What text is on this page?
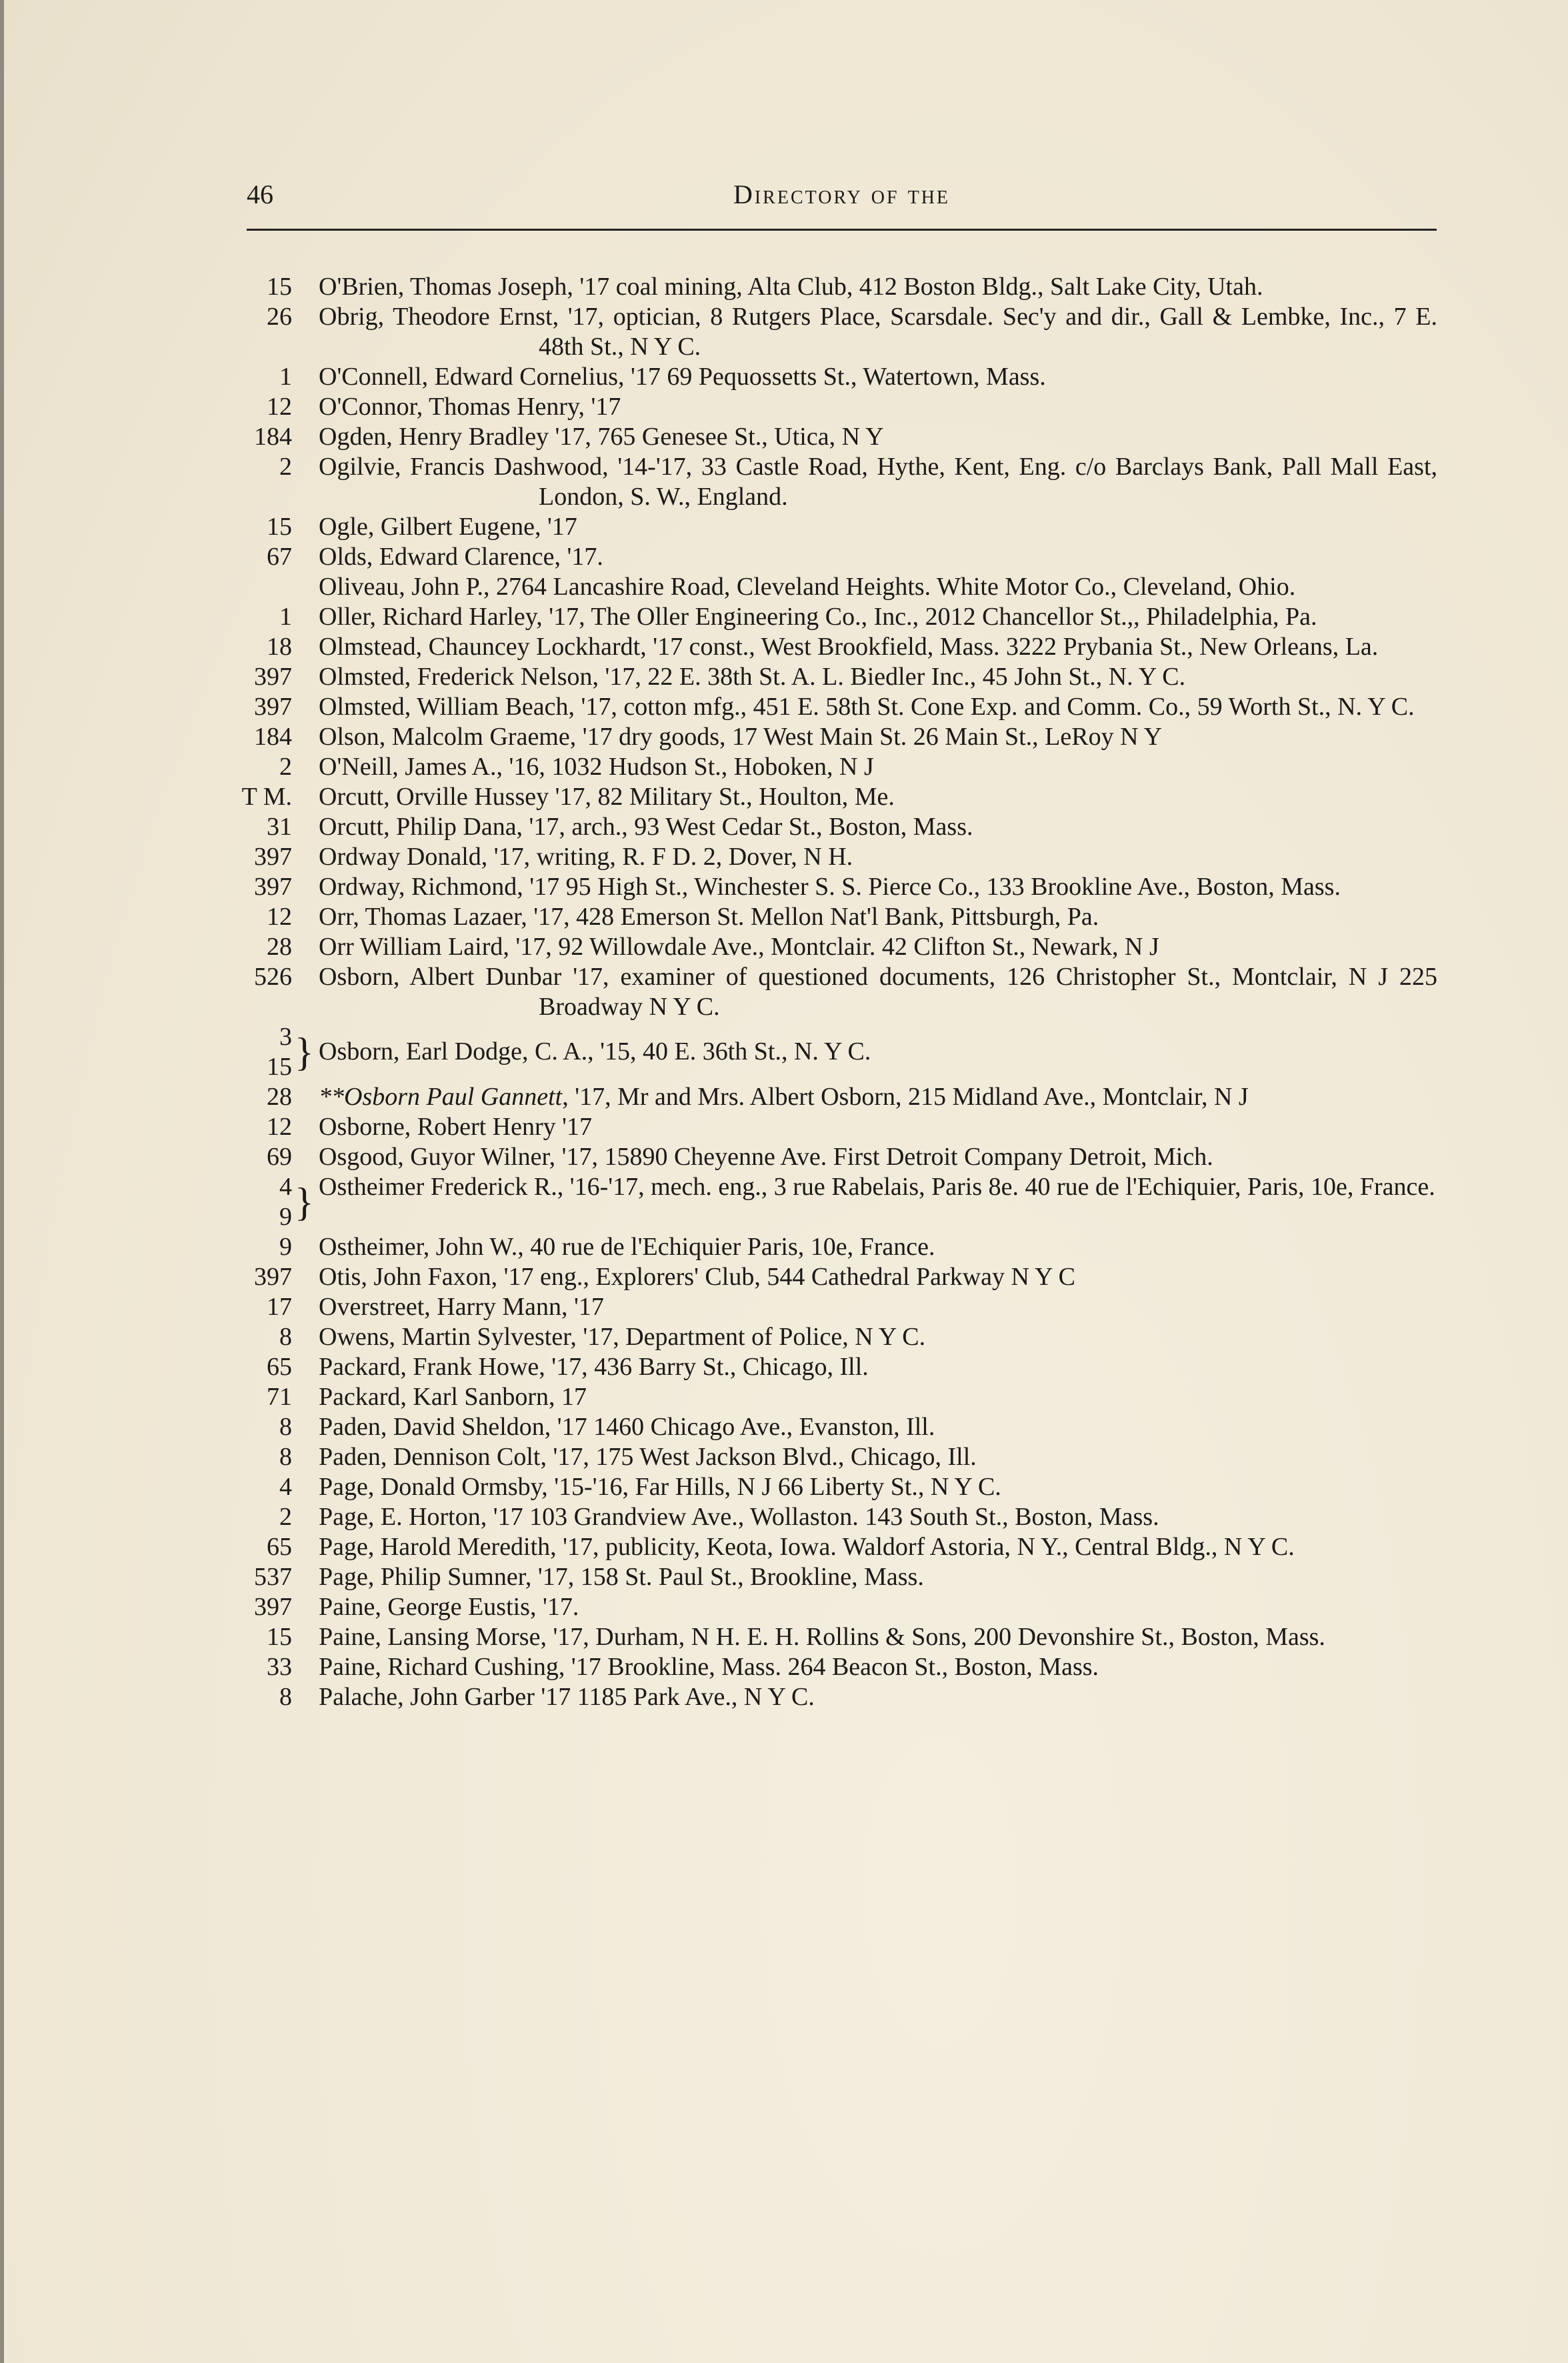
46	Directory of the
15 O'Brien, Thomas Joseph, '17 coal mining, Alta Club, 412 Boston Bldg., Salt Lake City, Utah.
26 Obrig, Theodore Ernst, '17, optician, 8 Rutgers Place, Scarsdale. Sec'y and dir., Gall & Lembke, Inc., 7 E. 48th St., N Y C.
1 O'Connell, Edward Cornelius, '17 69 Pequossetts St., Watertown, Mass.
12 O'Connor, Thomas Henry, '17
184 Ogden, Henry Bradley '17, 765 Genesee St., Utica, N Y
2 Ogilvie, Francis Dashwood, '14-'17, 33 Castle Road, Hythe, Kent, Eng. c/o Barclays Bank, Pall Mall East, London, S. W., England.
15 Ogle, Gilbert Eugene, '17
67 Olds, Edward Clarence, '17.
Oliveau, John P., 2764 Lancashire Road, Cleveland Heights. White Motor Co., Cleveland, Ohio.
1 Oller, Richard Harley, '17, The Oller Engineering Co., Inc., 2012 Chancellor St.,, Philadelphia, Pa.
18 Olmstead, Chauncey Lockhardt, '17 const., West Brookfield, Mass. 3222 Prybania St., New Orleans, La.
397 Olmsted, Frederick Nelson, '17, 22 E. 38th St. A. L. Biedler Inc., 45 John St., N. Y C.
397 Olmsted, William Beach, '17, cotton mfg., 451 E. 58th St. Cone Exp. and Comm. Co., 59 Worth St., N. Y C.
184 Olson, Malcolm Graeme, '17 dry goods, 17 West Main St. 26 Main St., LeRoy N Y
2 O'Neill, James A., '16, 1032 Hudson St., Hoboken, N J
T M. Orcutt, Orville Hussey '17, 82 Military St., Houlton, Me.
31 Orcutt, Philip Dana, '17, arch., 93 West Cedar St., Boston, Mass.
397 Ordway Donald, '17, writing, R. F D. 2, Dover, N H.
397 Ordway, Richmond, '17 95 High St., Winchester S. S. Pierce Co., 133 Brookline Ave., Boston, Mass.
12 Orr, Thomas Lazaer, '17, 428 Emerson St. Mellon Nat'l Bank, Pittsburgh, Pa.
28 Orr William Laird, '17, 92 Willowdale Ave., Montclair. 42 Clifton St., Newark, N J
526 Osborn, Albert Dunbar '17, examiner of questioned documents, 126 Christopher St., Montclair, N J 225 Broadway N Y C.
3
15 } Osborn, Earl Dodge, C. A., '15, 40 E. 36th St., N. Y C.
28 **Osborn Paul Gannett, '17, Mr and Mrs. Albert Osborn, 215 Midland Ave., Montclair, N J
12 Osborne, Robert Henry '17
69 Osgood, Guyor Wilner, '17, 15890 Cheyenne Ave. First Detroit Company Detroit, Mich.
4
9 } Ostheimer Frederick R., '16-'17, mech. eng., 3 rue Rabelais, Paris 8e. 40 rue de l'Echiquier, Paris, 10e, France.
9 Ostheimer, John W., 40 rue de l'Echiquier Paris, 10e, France.
397 Otis, John Faxon, '17 eng., Explorers' Club, 544 Cathedral Parkway N Y C
17 Overstreet, Harry Mann, '17
8 Owens, Martin Sylvester, '17, Department of Police, N Y C.
65 Packard, Frank Howe, '17, 436 Barry St., Chicago, Ill.
71 Packard, Karl Sanborn, 17
8 Paden, David Sheldon, '17 1460 Chicago Ave., Evanston, Ill.
8 Paden, Dennison Colt, '17, 175 West Jackson Blvd., Chicago, Ill.
4 Page, Donald Ormsby, '15-'16, Far Hills, N J 66 Liberty St., N Y C.
2 Page, E. Horton, '17 103 Grandview Ave., Wollaston. 143 South St., Boston, Mass.
65 Page, Harold Meredith, '17, publicity, Keota, Iowa. Waldorf Astoria, N Y., Central Bldg., N Y C.
537 Page, Philip Sumner, '17, 158 St. Paul St., Brookline, Mass.
397 Paine, George Eustis, '17.
15 Paine, Lansing Morse, '17, Durham, N H. E. H. Rollins & Sons, 200 Devonshire St., Boston, Mass.
33 Paine, Richard Cushing, '17 Brookline, Mass. 264 Beacon St., Boston, Mass.
8 Palache, John Garber '17 1185 Park Ave., N Y C.
